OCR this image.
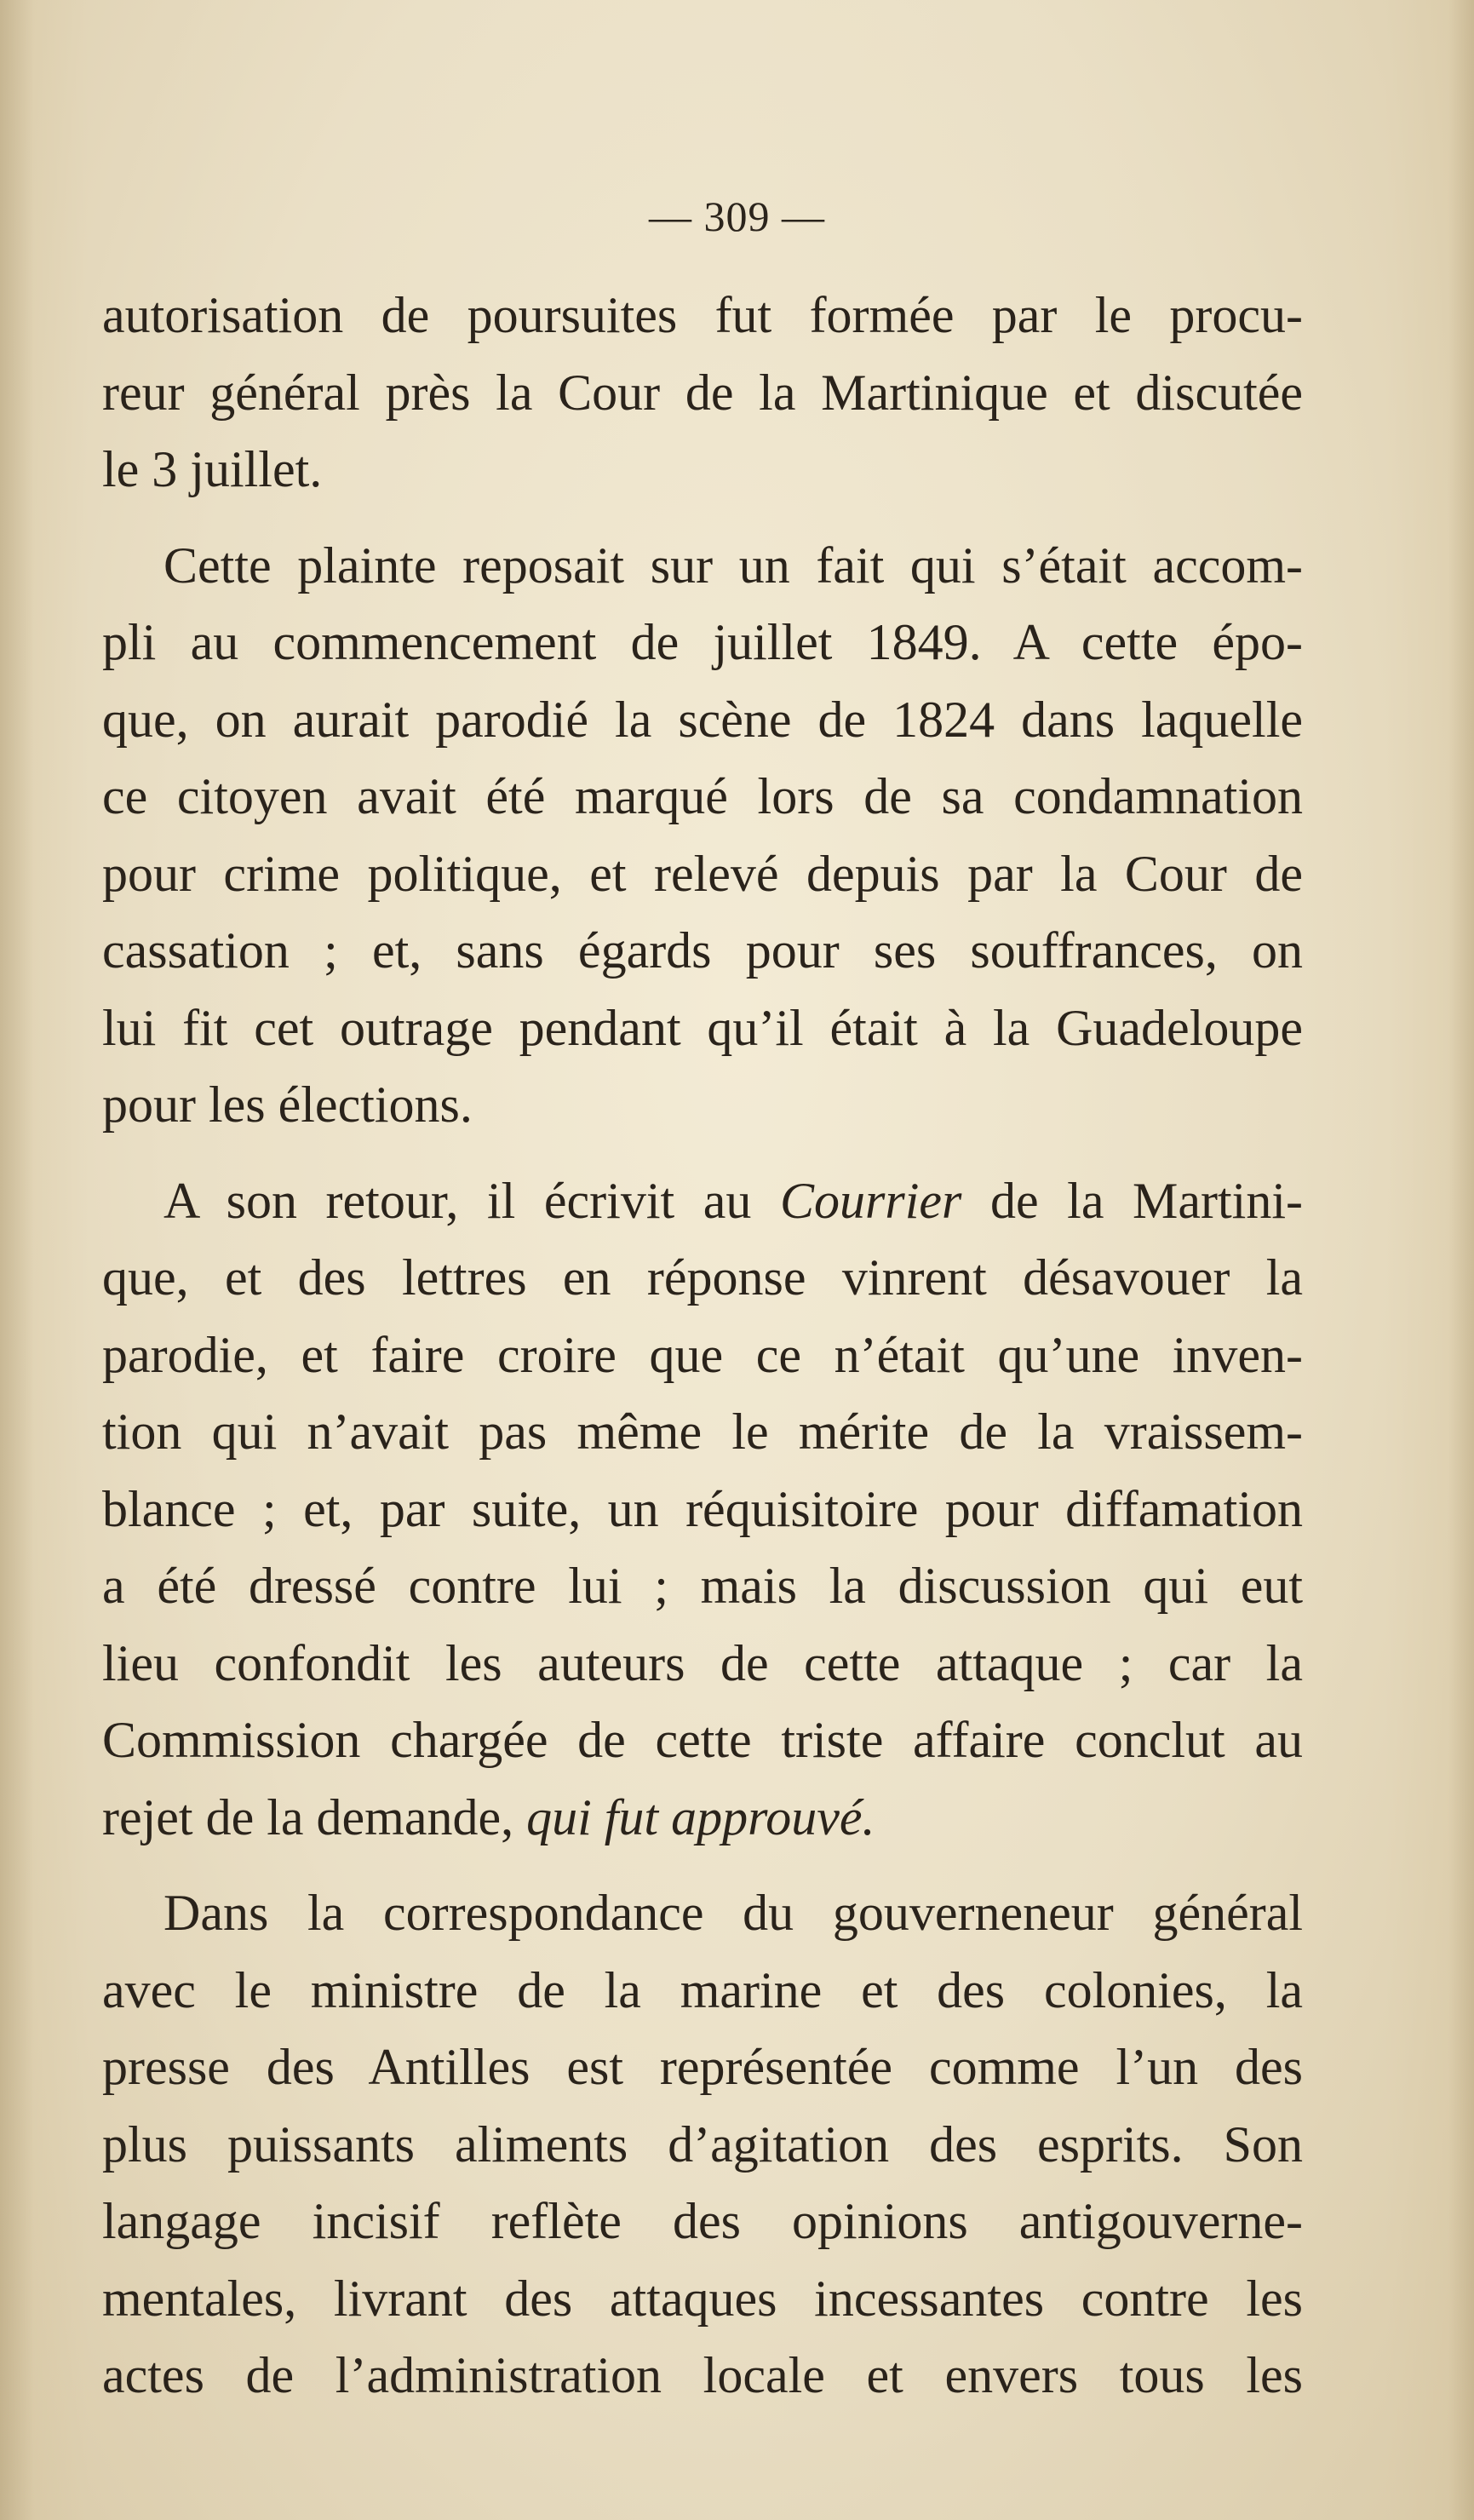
— 309 —
autorisation de poursuites fut formée par le procu-
reur général près la Cour de la Martinique et discutée
le 3 juillet.
Cette plainte reposait sur un fait qui s’était accom-
pli au commencement de juillet 1849. A cette épo-
que, on aurait parodié la scène de 1824 dans laquelle
ce citoyen avait été marqué lors de sa condamnation
pour crime politique, et relevé depuis par la Cour de
cassation ; et, sans égards pour ses souffrances, on
lui fit cet outrage pendant qu’il était à la Guadeloupe
pour les élections.
A son retour, il écrivit au Courrier de la Martini-
que, et des lettres en réponse vinrent désavouer la
parodie, et faire croire que ce n’était qu’une inven-
tion qui n’avait pas même le mérite de la vraissem-
blance ; et, par suite, un réquisitoire pour diffamation
a été dressé contre lui ; mais la discussion qui eut
lieu confondit les auteurs de cette attaque ; car la
Commission chargée de cette triste affaire conclut au
rejet de la demande, qui fut approuvé.
Dans la correspondance du gouverneneur général
avec le ministre de la marine et des colonies, la
presse des Antilles est représentée comme l’un des
plus puissants aliments d’agitation des esprits. Son
langage incisif reflète des opinions antigouverne-
mentales, livrant des attaques incessantes contre les
actes de l’administration locale et envers tous les
